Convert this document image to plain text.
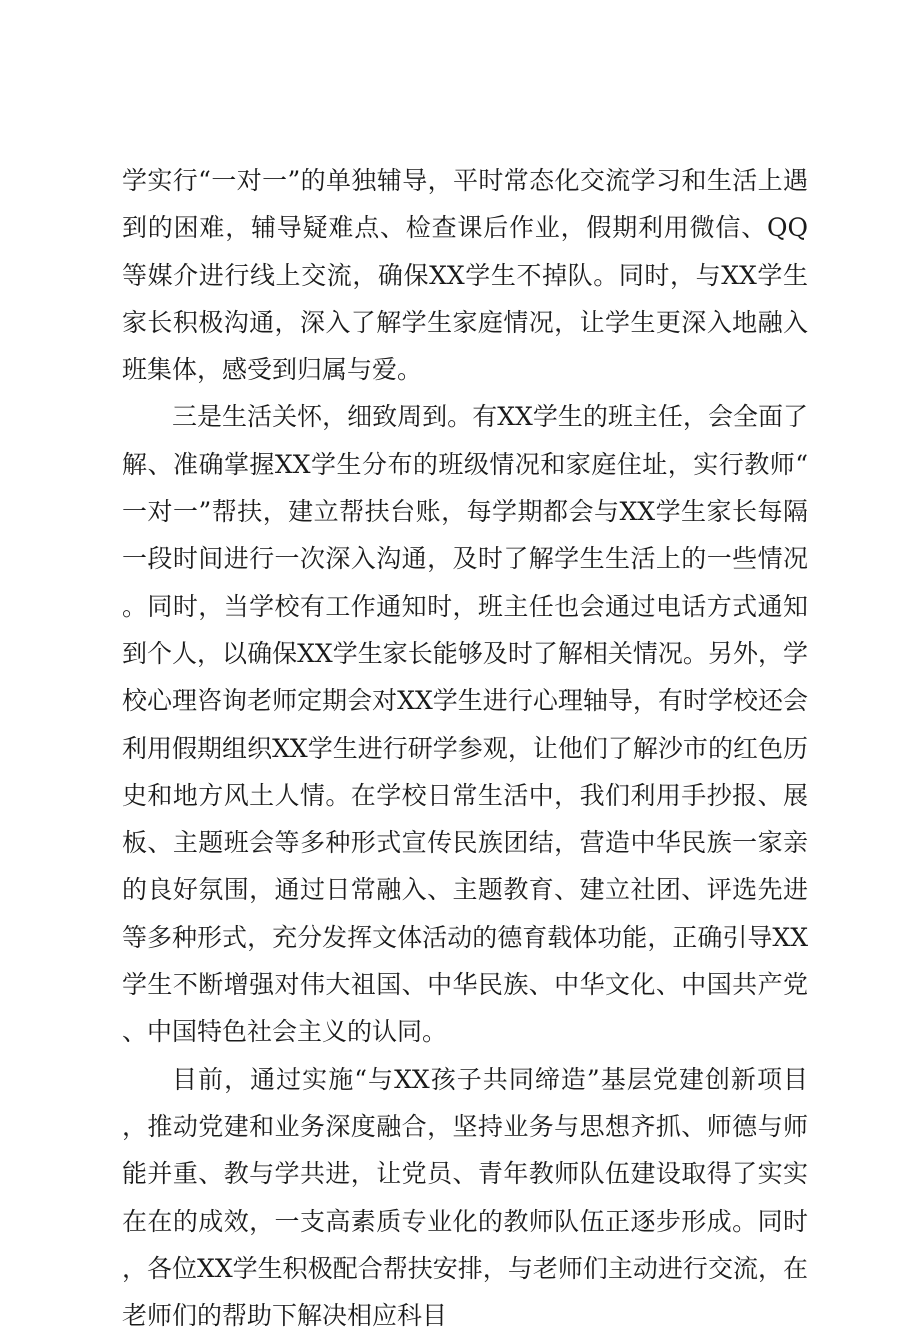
学实行“一对一”的单独辅导，平时常态化交流学习和生活上遇到的困难，辅导疑难点、检查课后作业，假期利用微信、QQ等媒介进行线上交流，确保XX学生不掉队。同时，与XX学生家长积极沟通，深入了解学生家庭情况，让学生更深入地融入班集体，感受到归属与爱。

三是生活关怀，细致周到。有XX学生的班主任，会全面了解、准确掌握XX学生分布的班级情况和家庭住址，实行教师“一对一”帮扶，建立帮扶台账，每学期都会与XX学生家长每隔一段时间进行一次深入沟通，及时了解学生生活上的一些情况。同时，当学校有工作通知时，班主任也会通过电话方式通知到个人，以确保XX学生家长能够及时了解相关情况。另外，学校心理咨询老师定期会对XX学生进行心理轴导，有时学校还会利用假期组织XX学生进行研学参观，让他们了解沙市的红色历史和地方风土人情。在学校日常生活中，我们利用手抄报、展板、主题班会等多种形式宣传民族团结，营造中华民族一家亲的良好氛围，通过日常融入、主题教育、建立社团、评选先进等多种形式，充分发挥文体活动的德育载体功能，正确引导XX学生不断增强对伟大祖国、中华民族、中华文化、中国共产党、中国特色社会主义的认同。

目前，通过实施“与XX孩子共同缔造”基层党建创新项目，推动党建和业务深度融合，坚持业务与思想齐抓、师德与师能并重、教与学共进，让党员、青年教师队伍建设取得了实实在在的成效，一支高素质专业化的教师队伍正逐步形成。同时，各位XX学生积极配合帮扶安排，与老师们主动进行交流，在老师们的帮助下解决相应科目
